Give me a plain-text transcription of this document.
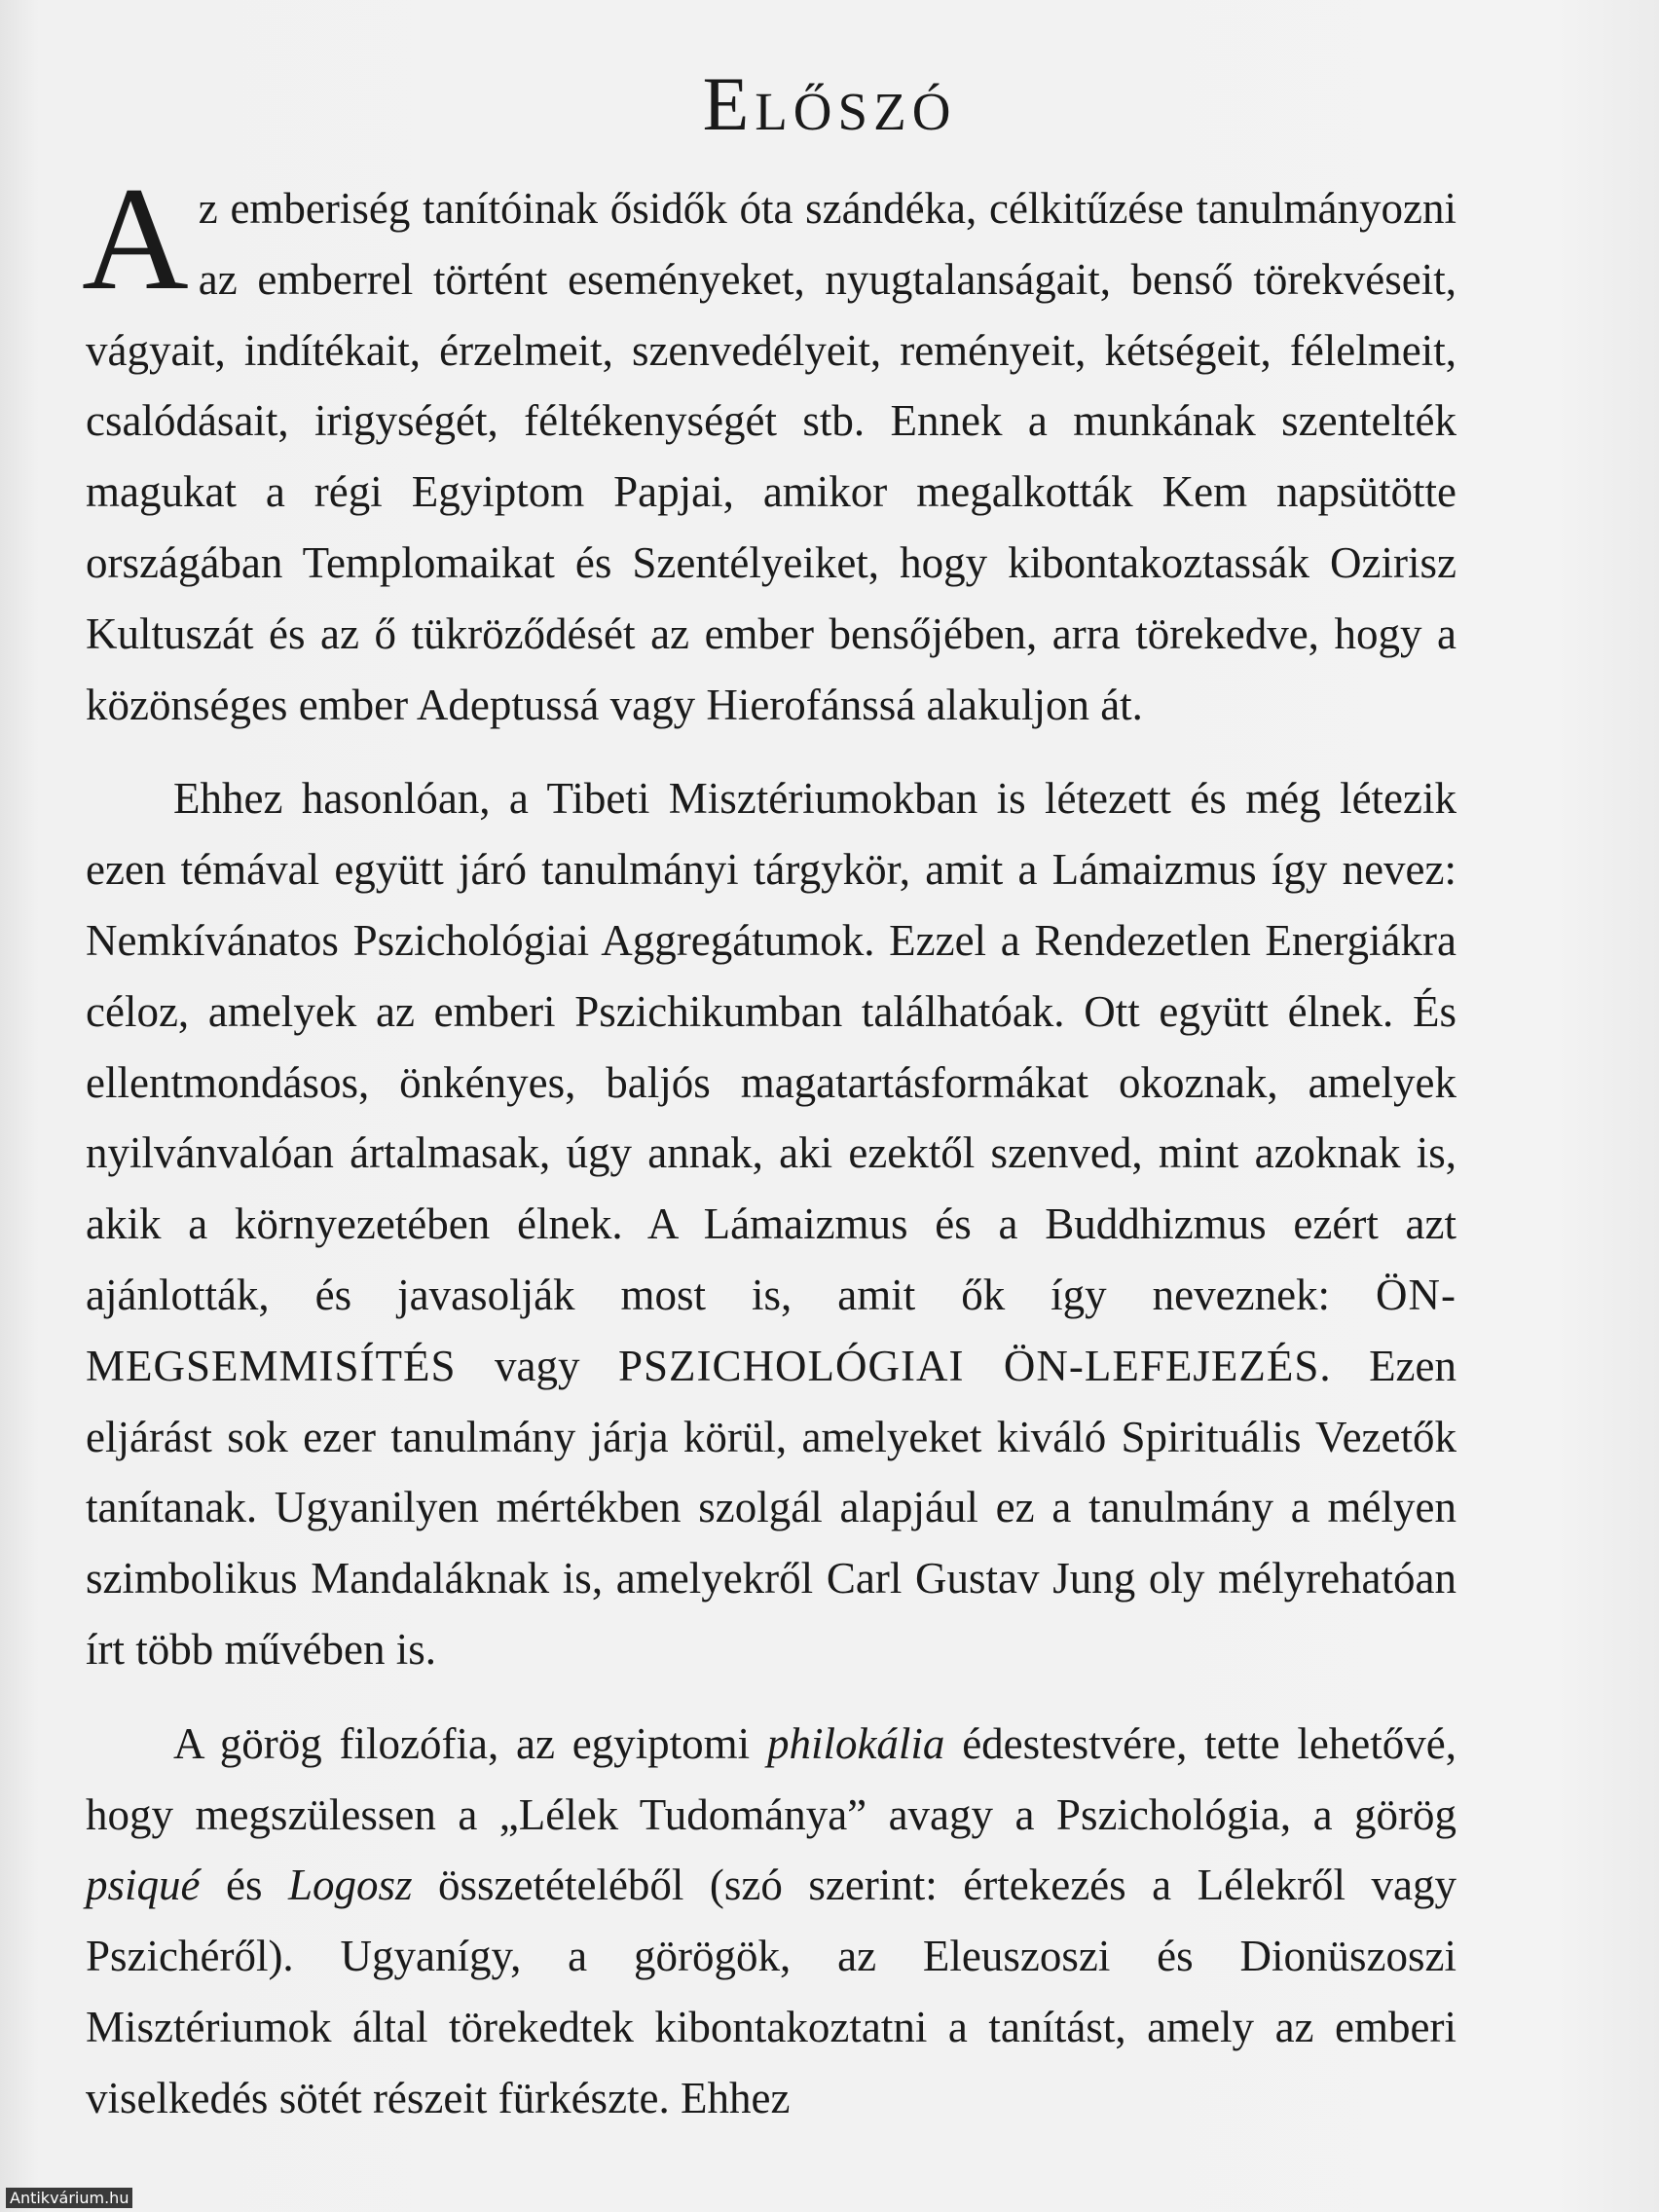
Előszó

Az emberiség tanítóinak ősidők óta szándéka, célkitűzése tanulmányozni az emberrel történt eseményeket, nyugtalanságait, benső törekvéseit, vágyait, indítékait, érzelmeit, szenvedélyeit, reményeit, kétségeit, félelmeit, csalódásait, irigységét, féltékenységét stb. Ennek a munkának szentelték magukat a régi Egyiptom Papjai, amikor megalkották Kem napsütötte országában Templomaikat és Szentélyeiket, hogy kibontakoztassák Ozirisz Kultuszát és az ő tükröződését az ember bensőjében, arra törekedve, hogy a közönséges ember Adeptussá vagy Hierofánssá alakuljon át.

Ehhez hasonlóan, a Tibeti Misztériumokban is létezett és még létezik ezen témával együtt járó tanulmányi tárgykör, amit a Lámaizmus így nevez: Nemkívánatos Pszichológiai Aggregátumok. Ezzel a Rendezetlen Energiákra céloz, amelyek az emberi Pszichikumban találhatóak. Ott együtt élnek. És ellentmondásos, önkényes, baljós magatartásformákat okoznak, amelyek nyilvánvalóan ártalmasak, úgy annak, aki ezektől szenved, mint azoknak is, akik a környezetében élnek. A Lámaizmus és a Buddhizmus ezért azt ajánlották, és javasolják most is, amit ők így neveznek: ÖN-MEGSEMMISÍTÉS vagy PSZICHOLÓGIAI ÖN-LEFEJEZÉS. Ezen eljárást sok ezer tanulmány járja körül, amelyeket kiváló Spirituális Vezetők tanítanak. Ugyanilyen mértékben szolgál alapjául ez a tanulmány a mélyen szimbolikus Mandaláknak is, amelyekről Carl Gustav Jung oly mélyrehatóan írt több művében is.

A görög filozófia, az egyiptomi philokália édestestvére, tette lehetővé, hogy megszülessen a „Lélek Tudománya” avagy a Pszichológia, a görög psiqué és Logosz összetételéből (szó szerint: értekezés a Lélekről vagy Pszichéről). Ugyanígy, a görögök, az Eleuszoszi és Dionüszoszi Misztériumok által törekedtek kibontakoztatni a tanítást, amely az emberi viselkedés sötét részeit fürkészte. Ehhez

Antikvárium.hu
